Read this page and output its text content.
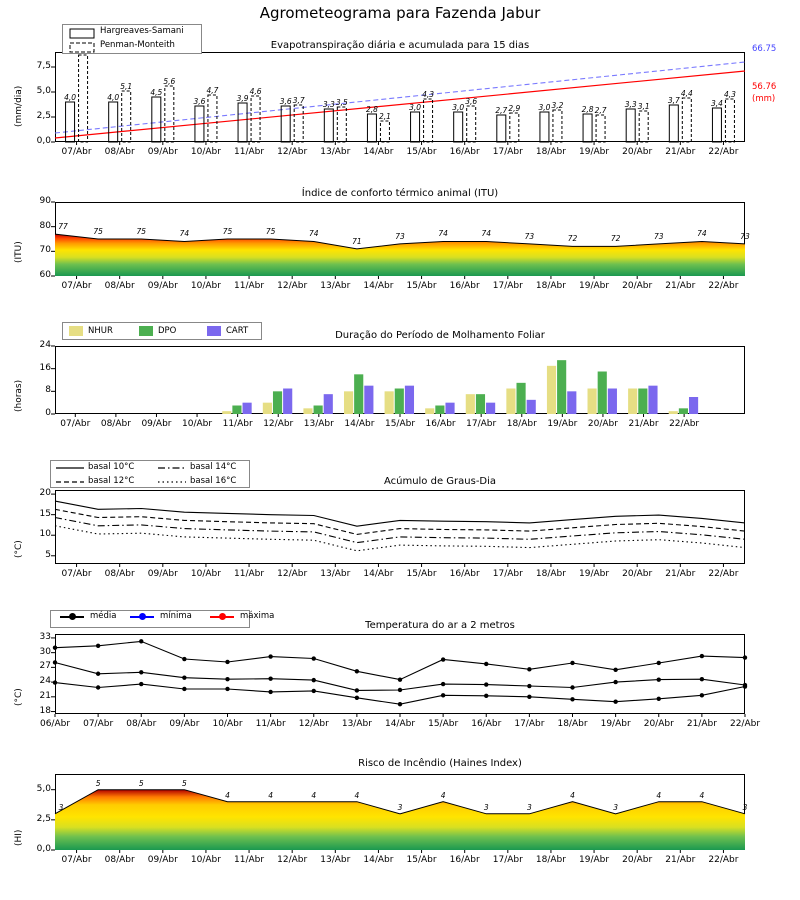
Agrometeograma para Fazenda Jabur
Evapotranspiração diária e acumulada para 15 dias
(mm/dia)
0,0
2,5
5,0
7,5
4,0	4,0
5,1
4,5
5,6
3,6
4,7
3,9
4,6
3,6 3,7	3,3 3,5
2,8
2,1
3,0
4,3
3,0
3,6
2,7 2,9	3,0 3,2	2,8 2,7
3,3 3,1
3,7
4,4
3,4
4,3
07/Abr	08/Abr	09/Abr	10/Abr	11/Abr	12/Abr	13/Abr	14/Abr	15/Abr	16/Abr	17/Abr	18/Abr	19/Abr	20/Abr	21/Abr	22/Abr
Hargreaves-Samani
Penman-Monteith	66.75
56.76
(mm)
Índice de conforto térmico animal (ITU)
(ITU)
60
70
80
90
07/Abr	08/Abr	09/Abr	10/Abr	11/Abr	12/Abr	13/Abr	14/Abr	15/Abr	16/Abr	17/Abr	18/Abr	19/Abr	20/Abr	21/Abr	22/Abr
77
75	75	74	75	75	74
71
73	74	74	73	72	72	73	74	73
Duração do Período de Molhamento Foliar
(horas)
0
8
16
24
07/Abr	08/Abr	09/Abr	10/Abr	11/Abr	12/Abr	13/Abr	14/Abr	15/Abr	16/Abr	17/Abr	18/Abr	19/Abr	20/Abr	21/Abr	22/Abr
NHUR	DPO	CART
Acúmulo de Graus-Dia
(°C)	5
10
15
20
07/Abr	08/Abr	09/Abr	10/Abr	11/Abr	12/Abr	13/Abr	14/Abr	15/Abr	16/Abr	17/Abr	18/Abr	19/Abr	20/Abr	21/Abr	22/Abr
basal 10°C
basal 12°C
basal 14°C
basal 16°C
Temperatura do ar a 2 metros
(°C)
18
21
24
27
30
33
06/Abr	07/Abr	08/Abr	09/Abr	10/Abr	11/Abr	12/Abr	13/Abr	14/Abr	15/Abr	16/Abr	17/Abr	18/Abr	19/Abr	20/Abr	21/Abr	22/Abr
média	mínima	máxima
Risco de Incêndio (Haines Index)
(HI)
0,0
2,5
5,0
07/Abr	08/Abr	09/Abr	10/Abr	11/Abr	12/Abr	13/Abr	14/Abr	15/Abr	16/Abr	17/Abr	18/Abr	19/Abr	20/Abr	21/Abr	22/Abr
3
5	5	5
4	4	4	4
3
4
3	3
4
3
4	4
3
